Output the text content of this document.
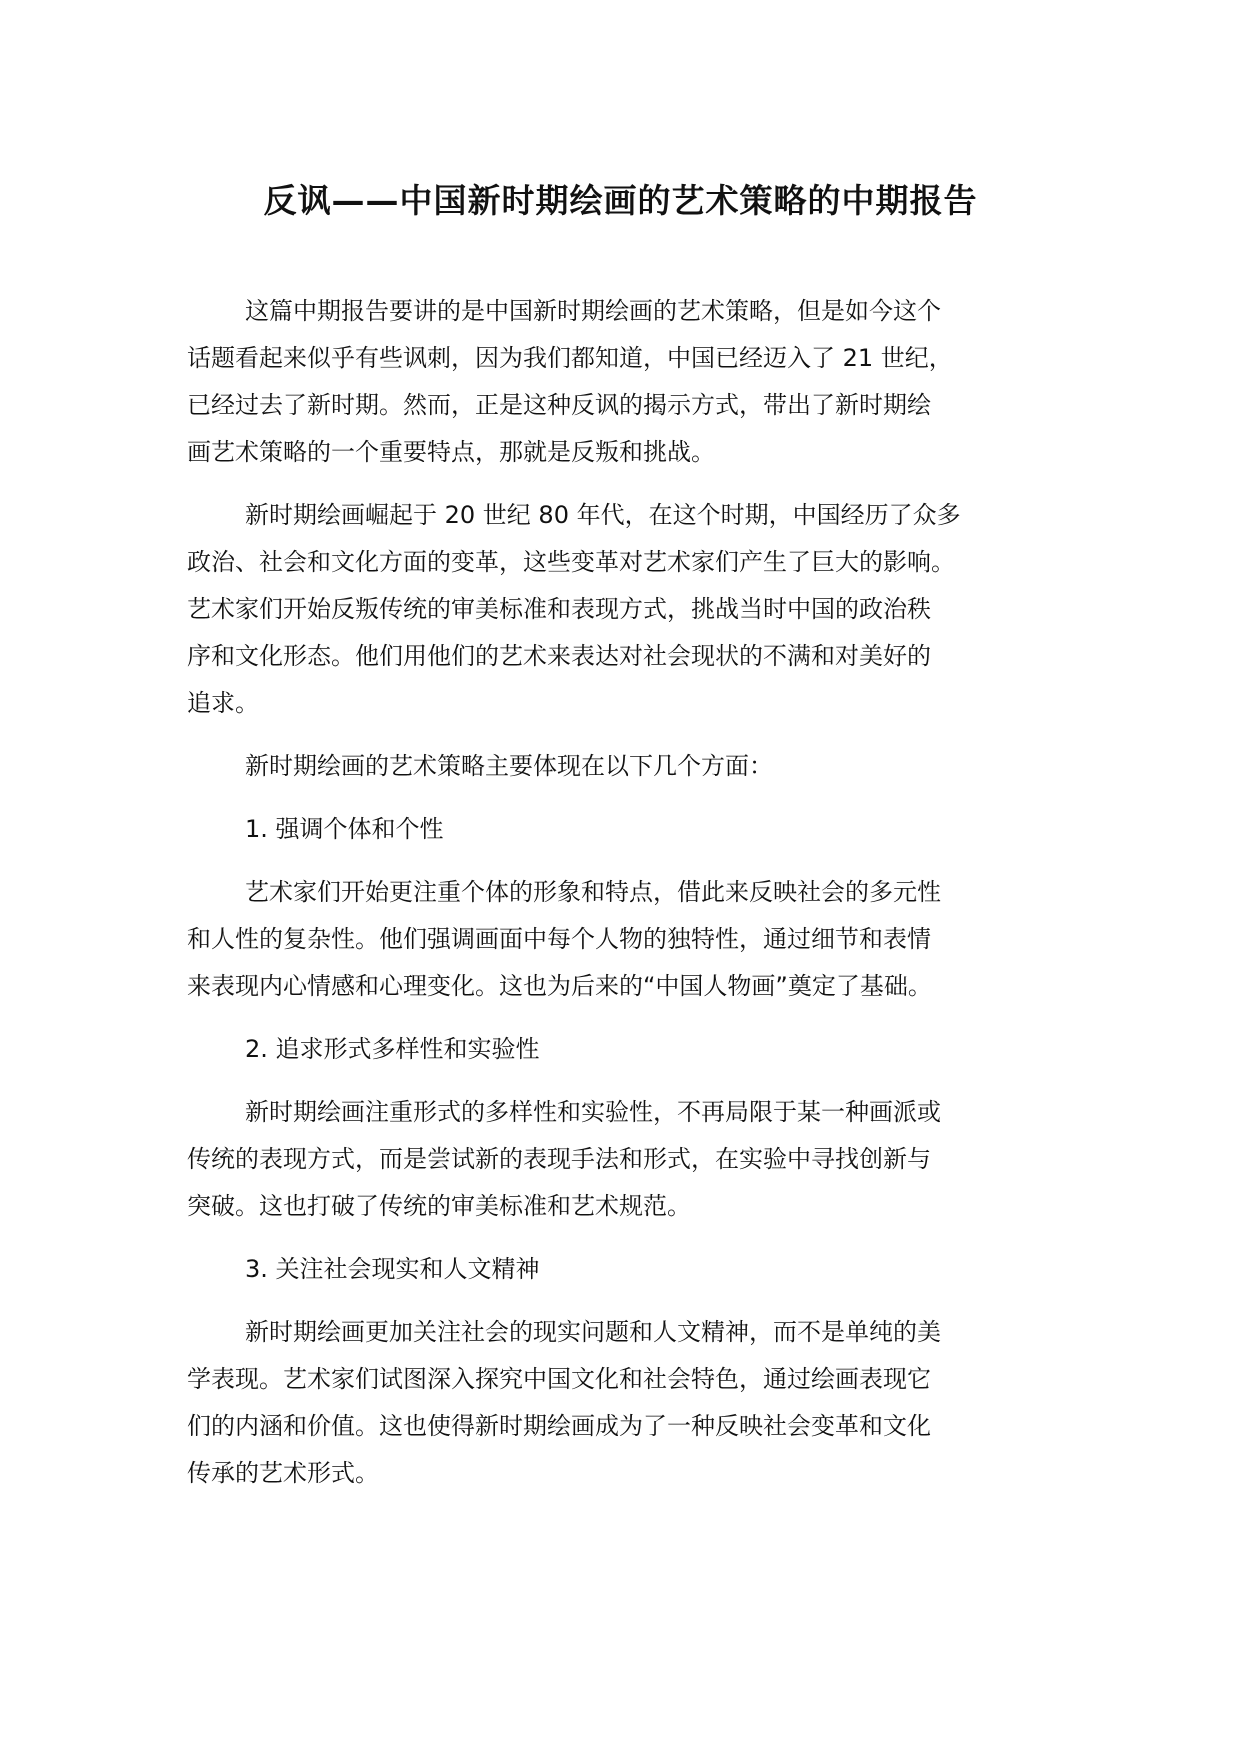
反讽——中国新时期绘画的艺术策略的中期报告
这篇中期报告要讲的是中国新时期绘画的艺术策略，但是如今这个
话题看起来似乎有些讽刺，因为我们都知道，中国已经迈入了 21 世纪，
已经过去了新时期。然而，正是这种反讽的揭示方式，带出了新时期绘
画艺术策略的一个重要特点，那就是反叛和挑战。
新时期绘画崛起于 20 世纪 80 年代，在这个时期，中国经历了众多
政治、社会和文化方面的变革，这些变革对艺术家们产生了巨大的影响。
艺术家们开始反叛传统的审美标准和表现方式，挑战当时中国的政治秩
序和文化形态。他们用他们的艺术来表达对社会现状的不满和对美好的
追求。
新时期绘画的艺术策略主要体现在以下几个方面：
1. 强调个体和个性
艺术家们开始更注重个体的形象和特点，借此来反映社会的多元性
和人性的复杂性。他们强调画面中每个人物的独特性，通过细节和表情
来表现内心情感和心理变化。这也为后来的“中国人物画”奠定了基础。
2. 追求形式多样性和实验性
新时期绘画注重形式的多样性和实验性，不再局限于某一种画派或
传统的表现方式，而是尝试新的表现手法和形式，在实验中寻找创新与
突破。这也打破了传统的审美标准和艺术规范。
3. 关注社会现实和人文精神
新时期绘画更加关注社会的现实问题和人文精神，而不是单纯的美
学表现。艺术家们试图深入探究中国文化和社会特色，通过绘画表现它
们的内涵和价值。这也使得新时期绘画成为了一种反映社会变革和文化
传承的艺术形式。
